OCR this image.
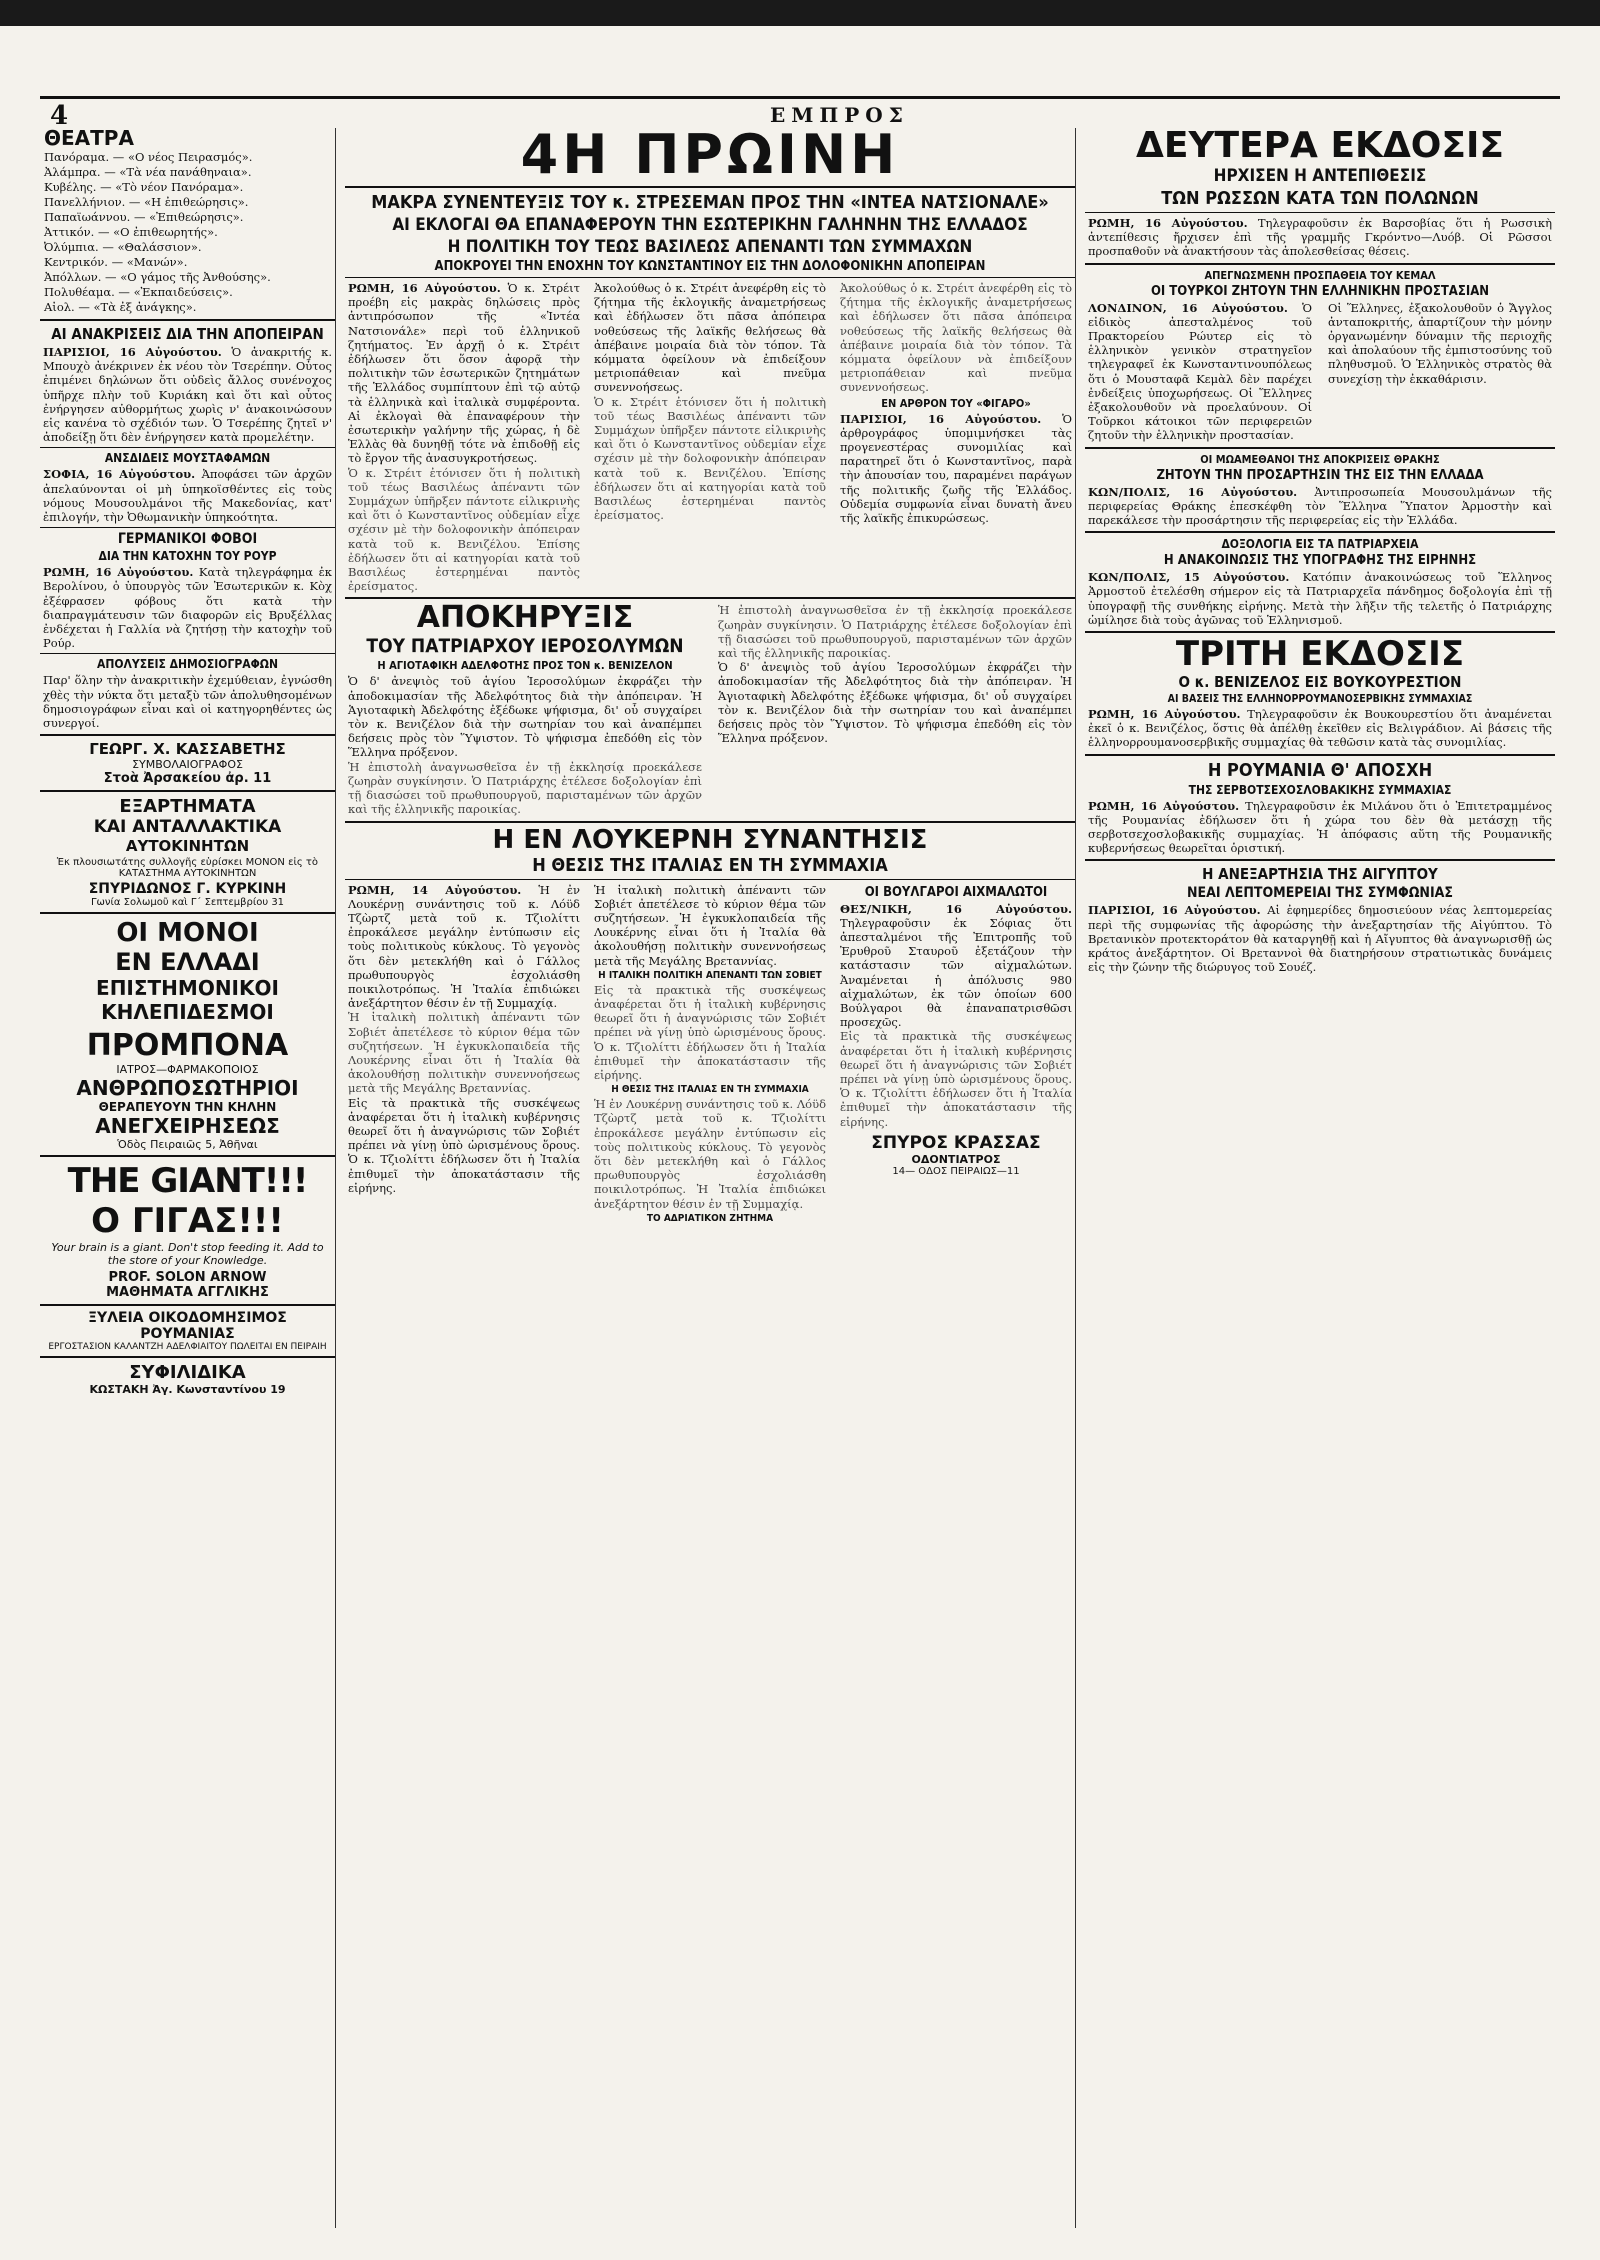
4	ΕΜΠΡΟΣ
ΘΕΑΤΡΑ
Πανόραμα. — «Ο νέος Πειρασμός».
Ἀλάμπρα. — «Τὰ νέα πανάθηναια».
Κυβέλης. — «Τὸ νέον Πανόραμα».
Πανελλήνιον. — «Η ἐπιθεώρησις».
Παπαϊωάννου. — «Ἐπιθεώρησις».
Ἀττικόν. — «Ο ἐπιθεωρητής».
Ὀλύμπια. — «Θαλάσσιον».
Κεντρικόν. — «Μανών».
Ἀπόλλων. — «Ο γάμος τῆς Ἀνθούσης».
Πολυθέαμα. — «Ἐκπαιδεύσεις».
Αἰολ. — «Τὰ ἐξ ἀνάγκης».
ΑΙ ΑΝΑΚΡΙΣΕΙΣ ΔΙΑ ΤΗΝ ΑΠΟΠΕΙΡΑΝ

ΠΑΡΙΣΙΟΙ, 16 Αὐγούστου. Ὁ ἀνακριτής κ. Μπουχὸ ἀνέκρινεν ἐκ νέου τὸν Τσερέπην. Οὗτος ἐπιμένει δηλώνων ὅτι οὐδεὶς ἄλλος συνένοχος ὑπῆρχε πλὴν τοῦ Κυριάκη καὶ ὅτι καὶ οὗτος ἐνήργησεν αὐθορμήτως χωρὶς ν' ἀνακοινώσουν εἰς κανένα τὸ σχέδιόν των. Ὁ Τσερέπης ζητεῖ ν' ἀποδείξῃ ὅτι δὲν ἐνήργησεν κατὰ προμελέτην.

ΑΝΣΔΙΔΕΙΣ ΜΟΥΣΤΑΦΑΜΩΝ

ΣΟΦΙΑ, 16 Αὐγούστου. Ἀποφάσει τῶν ἀρχῶν ἀπελαύνονται οἱ μὴ ὑπηκοϊσθέντες εἰς τοὺς νόμους Μουσουλμάνοι τῆς Μακεδονίας, κατ' ἐπιλογήν, τὴν Ὀθωμανικὴν ὑπηκοότητα.

ΓΕΡΜΑΝΙΚΟΙ ΦΟΒΟΙ
ΔΙΑ ΤΗΝ ΚΑΤΟΧΗΝ ΤΟΥ ΡΟΥΡ

ΡΩΜΗ, 16 Αὐγούστου. Κατὰ τηλεγράφημα ἐκ Βερολίνου, ὁ ὑπουργὸς τῶν Ἐσωτερικῶν κ. Κὸχ ἐξέφρασεν φόβους ὅτι κατὰ τὴν διαπραγμάτευσιν τῶν διαφορῶν εἰς Βρυξέλλας ἐνδέχεται ἡ Γαλλία νὰ ζητήσῃ τὴν κατοχὴν τοῦ Ρούρ.

ΑΠΟΛΥΣΕΙΣ ΔΗΜΟΣΙΟΓΡΑΦΩΝ

Παρ' ὅλην τὴν ἀνακριτικὴν ἐχεμύθειαν, ἐγνώσθη χθὲς τὴν νύκτα ὅτι μεταξὺ τῶν ἀπολυθησομένων δημοσιογράφων εἶναι καὶ οἱ κατηγορηθέντες ὡς συνεργοί.

ΓΕΩΡΓ. Χ. ΚΑΣΣΑΒΕΤΗΣ
ΣΥΜΒΟΛΑΙΟΓΡΑΦΟΣ
Στοὰ Ἀρσακείου ἀρ. 11
ΕΞΑΡΤΗΜΑΤΑ
ΚΑΙ ΑΝΤΑΛΛΑΚΤΙΚΑ
ΑΥΤΟΚΙΝΗΤΩΝ
Ἐκ πλουσιωτάτης συλλογῆς εὑρίσκει ΜΟΝΟΝ εἰς τὸ ΚΑΤΑΣΤΗΜΑ ΑΥΤΟΚΙΝΗΤΩΝ
ΣΠΥΡΙΔΩΝΟΣ Γ. ΚΥΡΚΙΝΗ
Γωνία Σολωμοῦ καὶ Γ΄ Σεπτεμβρίου 31
ΟΙ ΜΟΝΟΙ
ΕΝ ΕΛΛΑΔΙ
ΕΠΙΣΤΗΜΟΝΙΚΟΙ
ΚΗΛΕΠΙΔΕΣΜΟΙ
ΠΡΟΜΠΟΝΑ
ΙΑΤΡΟΣ—ΦΑΡΜΑΚΟΠΟΙΟΣ
ΑΝΘΡΩΠΟΣΩΤΗΡΙΟΙ
ΘΕΡΑΠΕΥΟΥΝ ΤΗΝ ΚΗΛΗΝ
ΑΝΕΓΧΕΙΡΗΣΕΩΣ
Ὁδὸς Πειραιῶς 5, Ἀθῆναι
THE GIANT!!!
Ο ΓΙΓΑΣ!!!
Your brain is a giant. Don't stop feeding it. Add to the store of your Knowledge.
PROF. SOLON ARNOW
ΜΑΘΗΜΑΤΑ ΑΓΓΛΙΚΗΣ
ΞΥΛΕΙΑ ΟΙΚΟΔΟΜΗΣΙΜΟΣ
ΡΟΥΜΑΝΙΑΣ
ΕΡΓΟΣΤΑΣΙΟΝ ΚΑΛΑΝΤΖΗ ΑΔΕΛΦΙΑΙΤΟΥ ΠΩΛΕΙΤΑΙ ΕΝ ΠΕΙΡΑΙΗ
ΣΥΦΙΛΙΔΙΚΑ
ΚΩΣΤΑΚΗ Ἀγ. Κωνσταντίνου 19
4Η ΠΡΩΙΝΗ
ΜΑΚΡΑ ΣΥΝΕΝΤΕΥΞΙΣ ΤΟΥ κ. ΣΤΡΕΣΕΜΑΝ ΠΡΟΣ ΤΗΝ «ΙΝΤΕΑ ΝΑΤΣΙΟΝΑΛΕ»
ΑΙ ΕΚΛΟΓΑΙ ΘΑ ΕΠΑΝΑΦΕΡΟΥΝ ΤΗΝ ΕΣΩΤΕΡΙΚΗΝ ΓΑΛΗΝΗΝ ΤΗΣ ΕΛΛΑΔΟΣ
Η ΠΟΛΙΤΙΚΗ ΤΟΥ ΤΕΩΣ ΒΑΣΙΛΕΩΣ ΑΠΕΝΑΝΤΙ ΤΩΝ ΣΥΜΜΑΧΩΝ
ΑΠΟΚΡΟΥΕΙ ΤΗΝ ΕΝΟΧΗΝ ΤΟΥ ΚΩΝΣΤΑΝΤΙΝΟΥ ΕΙΣ ΤΗΝ ΔΟΛΟΦΟΝΙΚΗΝ ΑΠΟΠΕΙΡΑΝ

ΡΩΜΗ, 16 Αὐγούστου. Ὁ κ. Στρέιτ προέβη εἰς μακρὰς δηλώσεις πρὸς ἀντιπρόσωπον τῆς «Ἰντέα Νατσιονάλε» περὶ τοῦ ἑλληνικοῦ ζητήματος. Ἐν ἀρχῇ ὁ κ. Στρέιτ ἐδήλωσεν ὅτι ὅσον ἀφορᾷ τὴν πολιτικὴν τῶν ἐσωτερικῶν ζητημάτων τῆς Ἑλλάδος συμπίπτουν ἐπὶ τῷ αὐτῷ τὰ ἑλληνικὰ καὶ ἰταλικὰ συμφέροντα. Αἱ ἐκλογαὶ θὰ ἐπαναφέρουν τὴν ἐσωτερικὴν γαλήνην τῆς χώρας, ἡ δὲ Ἑλλὰς θὰ δυνηθῇ τότε νὰ ἐπιδοθῇ εἰς τὸ ἔργον τῆς ἀνασυγκροτήσεως.

Ὁ κ. Στρέιτ ἐτόνισεν ὅτι ἡ πολιτικὴ τοῦ τέως Βασιλέως ἀπέναντι τῶν Συμμάχων ὑπῆρξεν πάντοτε εἰλικρινὴς καὶ ὅτι ὁ Κωνσταντῖνος οὐδεμίαν εἶχε σχέσιν μὲ τὴν δολοφονικὴν ἀπόπειραν κατὰ τοῦ κ. Βενιζέλου. Ἐπίσης ἐδήλωσεν ὅτι αἱ κατηγορίαι κατὰ τοῦ Βασιλέως ἐστερημέναι παντὸς ἐρείσματος.

Ἀκολούθως ὁ κ. Στρέιτ ἀνεφέρθη εἰς τὸ ζήτημα τῆς ἐκλογικῆς ἀναμετρήσεως καὶ ἐδήλωσεν ὅτι πᾶσα ἀπόπειρα νοθεύσεως τῆς λαϊκῆς θελήσεως θὰ ἀπέβαινε μοιραία διὰ τὸν τόπον. Τὰ κόμματα ὀφείλουν νὰ ἐπιδείξουν μετριοπάθειαν καὶ πνεῦμα συνεννοήσεως.

Ὁ κ. Στρέιτ ἐτόνισεν ὅτι ἡ πολιτικὴ τοῦ τέως Βασιλέως ἀπέναντι τῶν Συμμάχων ὑπῆρξεν πάντοτε εἰλικρινὴς καὶ ὅτι ὁ Κωνσταντῖνος οὐδεμίαν εἶχε σχέσιν μὲ τὴν δολοφονικὴν ἀπόπειραν κατὰ τοῦ κ. Βενιζέλου. Ἐπίσης ἐδήλωσεν ὅτι αἱ κατηγορίαι κατὰ τοῦ Βασιλέως ἐστερημέναι παντὸς ἐρείσματος.

Ἀκολούθως ὁ κ. Στρέιτ ἀνεφέρθη εἰς τὸ ζήτημα τῆς ἐκλογικῆς ἀναμετρήσεως καὶ ἐδήλωσεν ὅτι πᾶσα ἀπόπειρα νοθεύσεως τῆς λαϊκῆς θελήσεως θὰ ἀπέβαινε μοιραία διὰ τὸν τόπον. Τὰ κόμματα ὀφείλουν νὰ ἐπιδείξουν μετριοπάθειαν καὶ πνεῦμα συνεννοήσεως.

ΕΝ ΑΡΘΡΟΝ ΤΟΥ «ΦΙΓΑΡΟ»

ΠΑΡΙΣΙΟΙ, 16 Αὐγούστου. Ὁ ἀρθρογράφος ὑπομιμνήσκει τὰς προγενεστέρας συνομιλίας καὶ παρατηρεῖ ὅτι ὁ Κωνσταντῖνος, παρὰ τὴν ἀπουσίαν του, παραμένει παράγων τῆς πολιτικῆς ζωῆς τῆς Ἑλλάδος. Οὐδεμία συμφωνία εἶναι δυνατὴ ἄνευ τῆς λαϊκῆς ἐπικυρώσεως.

ΑΠΟΚΗΡΥΞΙΣ
ΤΟΥ ΠΑΤΡΙΑΡΧΟΥ ΙΕΡΟΣΟΛΥΜΩΝ
Η ΑΓΙΟΤΑΦΙΚΗ ΑΔΕΛΦΟΤΗΣ ΠΡΟΣ ΤΟΝ κ. ΒΕΝΙΖΕΛΟΝ

Ὁ δ' ἀνεψιὸς τοῦ ἁγίου Ἱεροσολύμων ἐκφράζει τὴν ἀποδοκιμασίαν τῆς Ἀδελφότητος διὰ τὴν ἀπόπειραν. Ἡ Ἁγιοταφικὴ Ἀδελφότης ἐξέδωκε ψήφισμα, δι' οὗ συγχαίρει τὸν κ. Βενιζέλον διὰ τὴν σωτηρίαν του καὶ ἀναπέμπει δεήσεις πρὸς τὸν Ὕψιστον. Τὸ ψήφισμα ἐπεδόθη εἰς τὸν Ἕλληνα πρόξενον.

Ἡ ἐπιστολὴ ἀναγνωσθεῖσα ἐν τῇ ἐκκλησίᾳ προεκάλεσε ζωηρὰν συγκίνησιν. Ὁ Πατριάρχης ἐτέλεσε δοξολογίαν ἐπὶ τῇ διασώσει τοῦ πρωθυπουργοῦ, παρισταμένων τῶν ἀρχῶν καὶ τῆς ἑλληνικῆς παροικίας.

Ἡ ἐπιστολὴ ἀναγνωσθεῖσα ἐν τῇ ἐκκλησίᾳ προεκάλεσε ζωηρὰν συγκίνησιν. Ὁ Πατριάρχης ἐτέλεσε δοξολογίαν ἐπὶ τῇ διασώσει τοῦ πρωθυπουργοῦ, παρισταμένων τῶν ἀρχῶν καὶ τῆς ἑλληνικῆς παροικίας.

Ὁ δ' ἀνεψιὸς τοῦ ἁγίου Ἱεροσολύμων ἐκφράζει τὴν ἀποδοκιμασίαν τῆς Ἀδελφότητος διὰ τὴν ἀπόπειραν. Ἡ Ἁγιοταφικὴ Ἀδελφότης ἐξέδωκε ψήφισμα, δι' οὗ συγχαίρει τὸν κ. Βενιζέλον διὰ τὴν σωτηρίαν του καὶ ἀναπέμπει δεήσεις πρὸς τὸν Ὕψιστον. Τὸ ψήφισμα ἐπεδόθη εἰς τὸν Ἕλληνα πρόξενον.

Η ΕΝ ΛΟΥΚΕΡΝΗ ΣΥΝΑΝΤΗΣΙΣ
Η ΘΕΣΙΣ ΤΗΣ ΙΤΑΛΙΑΣ ΕΝ ΤΗ ΣΥΜΜΑΧΙΑ

ΡΩΜΗ, 14 Αὐγούστου. Ἡ ἐν Λουκέρνῃ συνάντησις τοῦ κ. Λόϋδ Τζὼρτζ μετὰ τοῦ κ. Τζιολίττι ἐπροκάλεσε μεγάλην ἐντύπωσιν εἰς τοὺς πολιτικοὺς κύκλους. Τὸ γεγονὸς ὅτι δὲν μετεκλήθη καὶ ὁ Γάλλος πρωθυπουργὸς ἐσχολιάσθη ποικιλοτρόπως. Ἡ Ἰταλία ἐπιδιώκει ἀνεξάρτητον θέσιν ἐν τῇ Συμμαχίᾳ.

Ἡ ἰταλικὴ πολιτικὴ ἀπέναντι τῶν Σοβιέτ ἀπετέλεσε τὸ κύριον θέμα τῶν συζητήσεων. Ἡ ἐγκυκλοπαιδεία τῆς Λουκέρνης εἶναι ὅτι ἡ Ἰταλία θὰ ἀκολουθήσῃ πολιτικὴν συνεννοήσεως μετὰ τῆς Μεγάλης Βρεταννίας.

Εἰς τὰ πρακτικὰ τῆς συσκέψεως ἀναφέρεται ὅτι ἡ ἰταλικὴ κυβέρνησις θεωρεῖ ὅτι ἡ ἀναγνώρισις τῶν Σοβιέτ πρέπει νὰ γίνῃ ὑπὸ ὡρισμένους ὅρους. Ὁ κ. Τζιολίττι ἐδήλωσεν ὅτι ἡ Ἰταλία ἐπιθυμεῖ τὴν ἀποκατάστασιν τῆς εἰρήνης.

Ἡ ἰταλικὴ πολιτικὴ ἀπέναντι τῶν Σοβιέτ ἀπετέλεσε τὸ κύριον θέμα τῶν συζητήσεων. Ἡ ἐγκυκλοπαιδεία τῆς Λουκέρνης εἶναι ὅτι ἡ Ἰταλία θὰ ἀκολουθήσῃ πολιτικὴν συνεννοήσεως μετὰ τῆς Μεγάλης Βρεταννίας.

Η ΙΤΑΛΙΚΗ ΠΟΛΙΤΙΚΗ ΑΠΕΝΑΝΤΙ ΤΩΝ ΣΟΒΙΕΤ

Εἰς τὰ πρακτικὰ τῆς συσκέψεως ἀναφέρεται ὅτι ἡ ἰταλικὴ κυβέρνησις θεωρεῖ ὅτι ἡ ἀναγνώρισις τῶν Σοβιέτ πρέπει νὰ γίνῃ ὑπὸ ὡρισμένους ὅρους. Ὁ κ. Τζιολίττι ἐδήλωσεν ὅτι ἡ Ἰταλία ἐπιθυμεῖ τὴν ἀποκατάστασιν τῆς εἰρήνης.

Η ΘΕΣΙΣ ΤΗΣ ΙΤΑΛΙΑΣ ΕΝ ΤΗ ΣΥΜΜΑΧΙΑ

Ἡ ἐν Λουκέρνῃ συνάντησις τοῦ κ. Λόϋδ Τζὼρτζ μετὰ τοῦ κ. Τζιολίττι ἐπροκάλεσε μεγάλην ἐντύπωσιν εἰς τοὺς πολιτικοὺς κύκλους. Τὸ γεγονὸς ὅτι δὲν μετεκλήθη καὶ ὁ Γάλλος πρωθυπουργὸς ἐσχολιάσθη ποικιλοτρόπως. Ἡ Ἰταλία ἐπιδιώκει ἀνεξάρτητον θέσιν ἐν τῇ Συμμαχίᾳ.

ΤΟ ΑΔΡΙΑΤΙΚΟΝ ΖΗΤΗΜΑ
ΟΙ ΒΟΥΛΓΑΡΟΙ ΑΙΧΜΑΛΩΤΟΙ

ΘΕΣ/ΝΙΚΗ, 16 Αὐγούστου. Τηλεγραφοῦσιν ἐκ Σόφιας ὅτι ἀπεσταλμένοι τῆς Ἐπιτροπῆς τοῦ Ἐρυθροῦ Σταυροῦ ἐξετάζουν τὴν κατάστασιν τῶν αἰχμαλώτων. Ἀναμένεται ἡ ἀπόλυσις 980 αἰχμαλώτων, ἐκ τῶν ὁποίων 600 Βούλγαροι θὰ ἐπαναπατρισθῶσι προσεχῶς.

Εἰς τὰ πρακτικὰ τῆς συσκέψεως ἀναφέρεται ὅτι ἡ ἰταλικὴ κυβέρνησις θεωρεῖ ὅτι ἡ ἀναγνώρισις τῶν Σοβιέτ πρέπει νὰ γίνῃ ὑπὸ ὡρισμένους ὅρους. Ὁ κ. Τζιολίττι ἐδήλωσεν ὅτι ἡ Ἰταλία ἐπιθυμεῖ τὴν ἀποκατάστασιν τῆς εἰρήνης.

ΣΠΥΡΟΣ ΚΡΑΣΣΑΣ
ΟΔΟΝΤΙΑΤΡΟΣ
14— ΟΔΟΣ ΠΕΙΡΑΙΩΣ—11
ΔΕΥΤΕΡΑ ΕΚΔΟΣΙΣ
ΗΡΧΙΣΕΝ Η ΑΝΤΕΠΙΘΕΣΙΣ
ΤΩΝ ΡΩΣΣΩΝ ΚΑΤΑ ΤΩΝ ΠΟΛΩΝΩΝ

ΡΩΜΗ, 16 Αὐγούστου. Τηλεγραφοῦσιν ἐκ Βαρσοβίας ὅτι ἡ Ρωσσικὴ ἀντεπίθεσις ἤρχισεν ἐπὶ τῆς γραμμῆς Γκρόντνο—Λυόβ. Οἱ Ρῶσσοι προσπαθοῦν νὰ ἀνακτήσουν τὰς ἀπολεσθείσας θέσεις.

ΑΠΕΓΝΩΣΜΕΝΗ ΠΡΟΣΠΑΘΕΙΑ ΤΟΥ ΚΕΜΑΛ
ΟΙ ΤΟΥΡΚΟΙ ΖΗΤΟΥΝ ΤΗΝ ΕΛΛΗΝΙΚΗΝ ΠΡΟΣΤΑΣΙΑΝ

ΛΟΝΔΙΝΟΝ, 16 Αὐγούστου. Ὁ εἰδικὸς ἀπεσταλμένος τοῦ Πρακτορείου Ρώυτερ εἰς τὸ ἑλληνικὸν γενικὸν στρατηγεῖον τηλεγραφεῖ ἐκ Κωνσταντινουπόλεως ὅτι ὁ Μουσταφᾶ Κεμὰλ δὲν παρέχει ἐνδείξεις ὑποχωρήσεως. Οἱ Ἕλληνες ἐξακολουθοῦν νὰ προελαύνουν. Οἱ Τοῦρκοι κάτοικοι τῶν περιφερειῶν ζητοῦν τὴν ἑλληνικὴν προστασίαν.

Οἱ Ἕλληνες, ἐξακολουθοῦν ὁ Ἄγγλος ἀνταποκριτής, ἀπαρτίζουν τὴν μόνην ὀργανωμένην δύναμιν τῆς περιοχῆς καὶ ἀπολαύουν τῆς ἐμπιστοσύνης τοῦ πληθυσμοῦ. Ὁ Ἑλληνικὸς στρατὸς θὰ συνεχίσῃ τὴν ἐκκαθάρισιν.

ΟΙ ΜΩΑΜΕΘΑΝΟΙ ΤΗΣ ΑΠΟΚΡΙΣΕΙΣ ΘΡΑΚΗΣ
ΖΗΤΟΥΝ ΤΗΝ ΠΡΟΣΑΡΤΗΣΙΝ ΤΗΣ ΕΙΣ ΤΗΝ ΕΛΛΑΔΑ

ΚΩΝ/ΠΟΛΙΣ, 16 Αὐγούστου. Ἀντιπροσωπεία Μουσουλμάνων τῆς περιφερείας Θράκης ἐπεσκέφθη τὸν Ἕλληνα Ὕπατον Ἀρμοστὴν καὶ παρεκάλεσε τὴν προσάρτησιν τῆς περιφερείας εἰς τὴν Ἑλλάδα.

ΔΟΞΟΛΟΓΙΑ ΕΙΣ ΤΑ ΠΑΤΡΙΑΡΧΕΙΑ
Η ΑΝΑΚΟΙΝΩΣΙΣ ΤΗΣ ΥΠΟΓΡΑΦΗΣ ΤΗΣ ΕΙΡΗΝΗΣ

ΚΩΝ/ΠΟΛΙΣ, 15 Αὐγούστου. Κατόπιν ἀνακοινώσεως τοῦ Ἕλληνος Ἀρμοστοῦ ἐτελέσθη σήμερον εἰς τὰ Πατριαρχεῖα πάνδημος δοξολογία ἐπὶ τῇ ὑπογραφῇ τῆς συνθήκης εἰρήνης. Μετὰ τὴν λῆξιν τῆς τελετῆς ὁ Πατριάρχης ὡμίλησε διὰ τοὺς ἀγῶνας τοῦ Ἑλληνισμοῦ.

ΤΡΙΤΗ ΕΚΔΟΣΙΣ
Ο κ. ΒΕΝΙΖΕΛΟΣ ΕΙΣ ΒΟΥΚΟΥΡΕΣΤΙΟΝ
ΑΙ ΒΑΣΕΙΣ ΤΗΣ ΕΛΛΗΝΟΡΡΟΥΜΑΝΟΣΕΡΒΙΚΗΣ ΣΥΜΜΑΧΙΑΣ

ΡΩΜΗ, 16 Αὐγούστου. Τηλεγραφοῦσιν ἐκ Βουκουρεστίου ὅτι ἀναμένεται ἐκεῖ ὁ κ. Βενιζέλος, ὅστις θὰ ἀπέλθῃ ἐκεῖθεν εἰς Βελιγράδιον. Αἱ βάσεις τῆς ἑλληνορρουμανοσερβικῆς συμμαχίας θὰ τεθῶσιν κατὰ τὰς συνομιλίας.

Η ΡΟΥΜΑΝΙΑ Θ' ΑΠΟΣΧΗ
ΤΗΣ ΣΕΡΒΟΤΣΕΧΟΣΛΟΒΑΚΙΚΗΣ ΣΥΜΜΑΧΙΑΣ

ΡΩΜΗ, 16 Αὐγούστου. Τηλεγραφοῦσιν ἐκ Μιλάνου ὅτι ὁ Ἐπιτετραμμένος τῆς Ρουμανίας ἐδήλωσεν ὅτι ἡ χώρα του δὲν θὰ μετάσχῃ τῆς σερβοτσεχοσλοβακικῆς συμμαχίας. Ἡ ἀπόφασις αὕτη τῆς Ρουμανικῆς κυβερνήσεως θεωρεῖται ὁριστική.

Η ΑΝΕΞΑΡΤΗΣΙΑ ΤΗΣ ΑΙΓΥΠΤΟΥ
ΝΕΑΙ ΛΕΠΤΟΜΕΡΕΙΑΙ ΤΗΣ ΣΥΜΦΩΝΙΑΣ

ΠΑΡΙΣΙΟΙ, 16 Αὐγούστου. Αἱ ἐφημερίδες δημοσιεύουν νέας λεπτομερείας περὶ τῆς συμφωνίας τῆς ἀφορώσης τὴν ἀνεξαρτησίαν τῆς Αἰγύπτου. Τὸ Βρετανικὸν προτεκτοράτον θὰ καταργηθῇ καὶ ἡ Αἴγυπτος θὰ ἀναγνωρισθῇ ὡς κράτος ἀνεξάρτητον. Οἱ Βρεταννοὶ θὰ διατηρήσουν στρατιωτικὰς δυνάμεις εἰς τὴν ζώνην τῆς διώρυγος τοῦ Σουέζ.
